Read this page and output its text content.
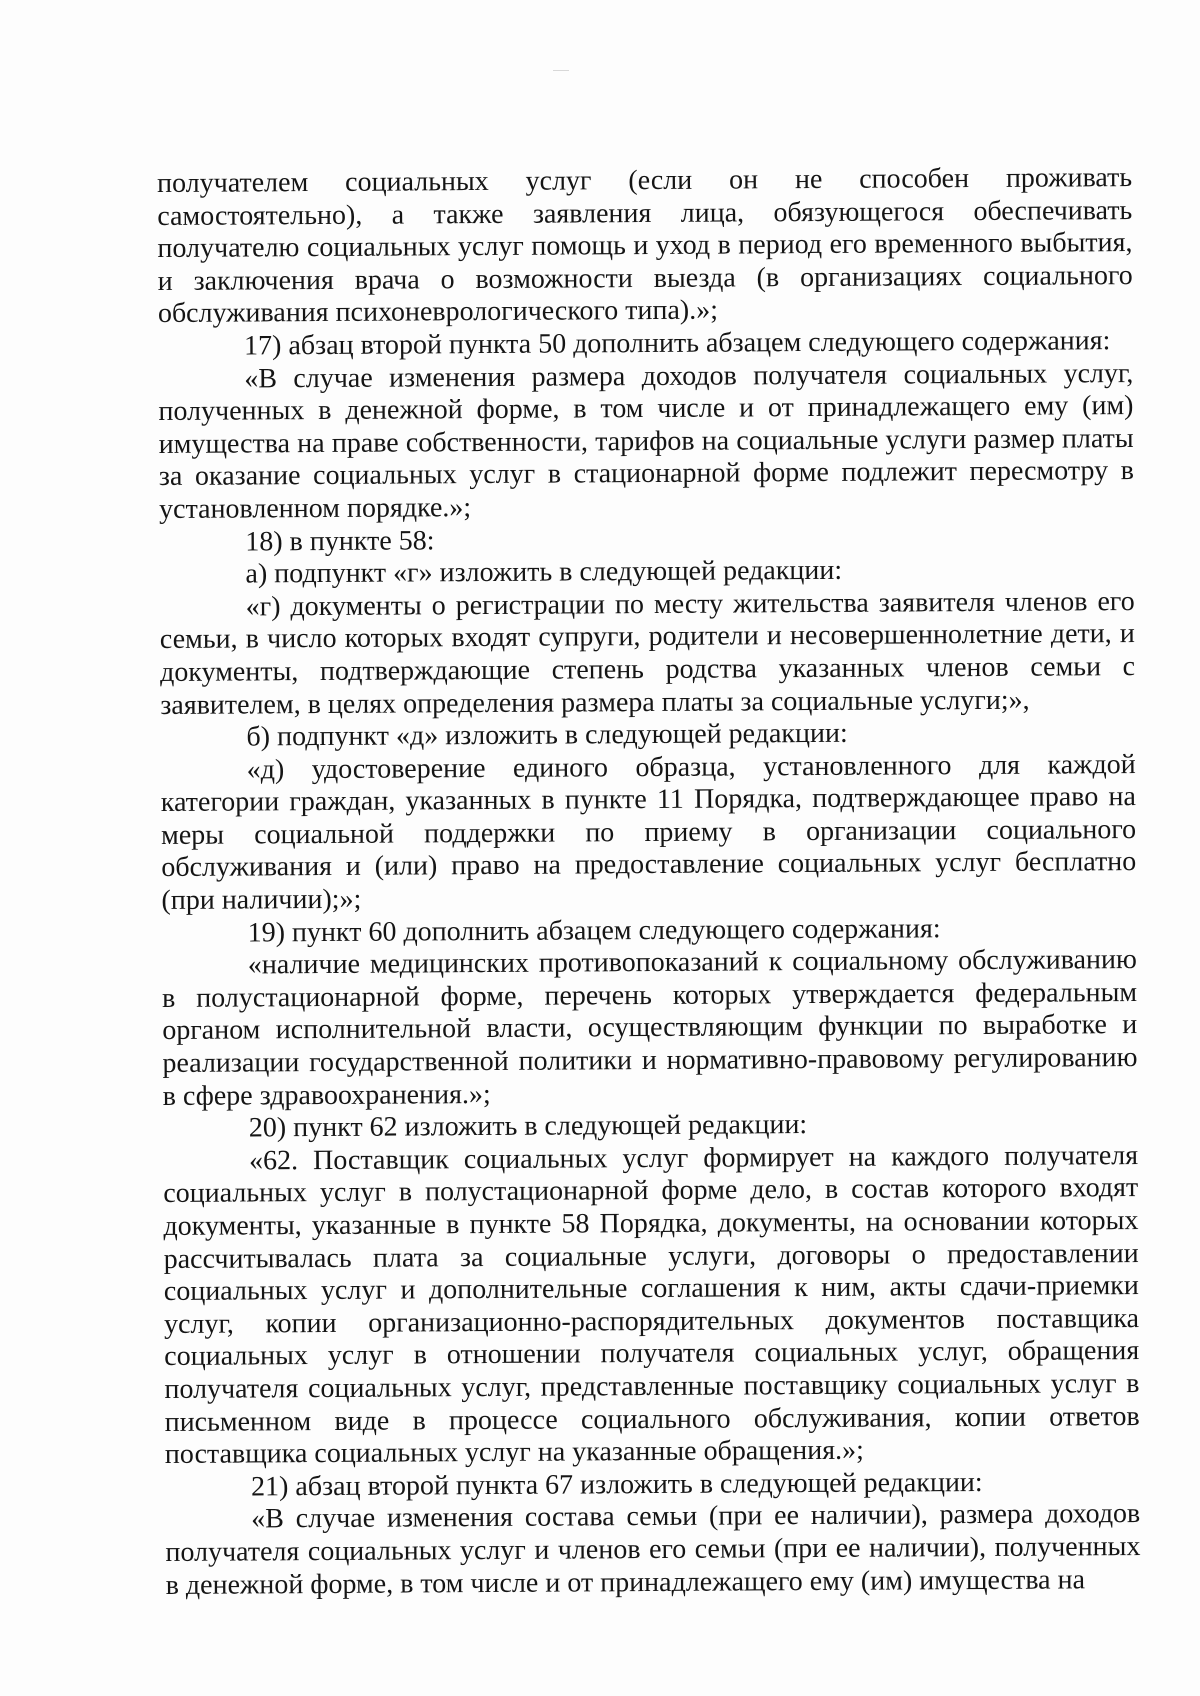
получателем социальных услуг (если он не способен проживать самостоятельно), а также заявления лица, обязующегося обеспечивать получателю социальных услуг помощь и уход в период его временного выбытия, и заключения врача о возможности выезда (в организациях социального обслуживания психоневрологического типа).»;

17) абзац второй пункта 50 дополнить абзацем следующего содержания:

«В случае изменения размера доходов получателя социальных услуг, полученных в денежной форме, в том числе и от принадлежащего ему (им) имущества на праве собственности, тарифов на социальные услуги размер платы за оказание социальных услуг в стационарной форме подлежит пересмотру в установленном порядке.»;

18) в пункте 58:

а) подпункт «г» изложить в следующей редакции:

«г) документы о регистрации по месту жительства заявителя членов его семьи, в число которых входят супруги, родители и несовершеннолетние дети, и документы, подтверждающие степень родства указанных членов семьи с заявителем, в целях определения размера платы за социальные услуги;»,

б) подпункт «д» изложить в следующей редакции:

«д) удостоверение единого образца, установленного для каждой категории граждан, указанных в пункте 11 Порядка, подтверждающее право на меры социальной поддержки по приему в организации социального обслуживания и (или) право на предоставление социальных услуг бесплатно (при наличии);»;

19) пункт 60 дополнить абзацем следующего содержания:

«наличие медицинских противопоказаний к социальному обслуживанию в полустационарной форме, перечень которых утверждается федеральным органом исполнительной власти, осуществляющим функции по выработке и реализации государственной политики и нормативно-правовому регулированию в сфере здравоохранения.»;

20) пункт 62 изложить в следующей редакции:

«62. Поставщик социальных услуг формирует на каждого получателя социальных услуг в полустационарной форме дело, в состав которого входят документы, указанные в пункте 58 Порядка, документы, на основании которых рассчитывалась плата за социальные услуги, договоры о предоставлении социальных услуг и дополнительные соглашения к ним, акты сдачи-приемки услуг, копии организационно-распорядительных документов поставщика социальных услуг в отношении получателя социальных услуг, обращения получателя социальных услуг, представленные поставщику социальных услуг в письменном виде в процессе социального обслуживания, копии ответов поставщика социальных услуг на указанные обращения.»;

21) абзац второй пункта 67 изложить в следующей редакции:

«В случае изменения состава семьи (при ее наличии), размера доходов получателя социальных услуг и членов его семьи (при ее наличии), полученных в денежной форме, в том числе и от принадлежащего ему (им) имущества на
